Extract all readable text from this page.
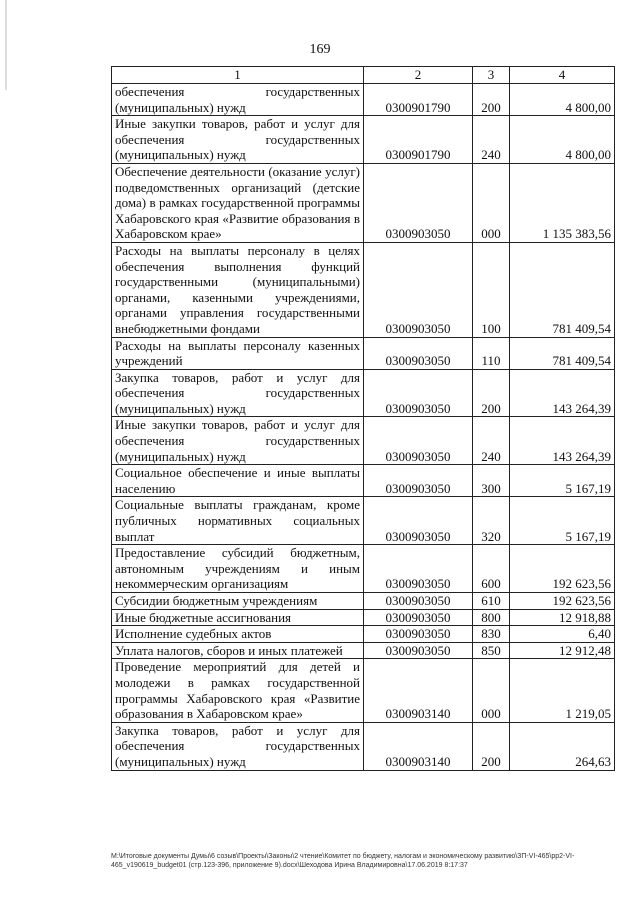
169
1	2	3	4
обеспечения государственных (муниципальных) нужд	0300901790	200	4 800,00
Иные закупки товаров, работ и услуг для обеспечения государственных (муниципальных) нужд	0300901790	240	4 800,00
Обеспечение деятельности (оказание услуг) подведомственных организаций (детские дома) в рамках государственной программы Хабаровского края «Развитие образования в Хабаровском крае»	0300903050	000	1 135 383,56
Расходы на выплаты персоналу в целях обеспечения выполнения функций государственными (муниципальными) органами, казенными учреждениями, органами управления государственными внебюджетными фондами	0300903050	100	781 409,54
Расходы на выплаты персоналу казенных учреждений	0300903050	110	781 409,54
Закупка товаров, работ и услуг для обеспечения государственных (муниципальных) нужд	0300903050	200	143 264,39
Иные закупки товаров, работ и услуг для обеспечения государственных (муниципальных) нужд	0300903050	240	143 264,39
Социальное обеспечение и иные выплаты населению	0300903050	300	5 167,19
Социальные выплаты гражданам, кроме публичных нормативных социальных выплат	0300903050	320	5 167,19
Предоставление субсидий бюджетным, автономным учреждениям и иным некоммерческим организациям	0300903050	600	192 623,56
Субсидии бюджетным учреждениям	0300903050	610	192 623,56
Иные бюджетные ассигнования	0300903050	800	12 918,88
Исполнение судебных актов	0300903050	830	6,40
Уплата налогов, сборов и иных платежей	0300903050	850	12 912,48
Проведение мероприятий для детей и молодежи в рамках государственной программы Хабаровского края «Развитие образования в Хабаровском крае»	0300903140	000	1 219,05
Закупка товаров, работ и услуг для обеспечения государственных (муниципальных) нужд	0300903140	200	264,63
M:\Итоговые документы Думы\6 созыв\Проекты\Законы\2 чтение\Комитет по бюджету, налогам и экономическому развитию\ЗП-VI-465\рр2-VI-465_v190619_budget01 (стр.123-396, приложение 9).docx\Шеходова Ирина Владимировна\17.06.2019 8:17:37
